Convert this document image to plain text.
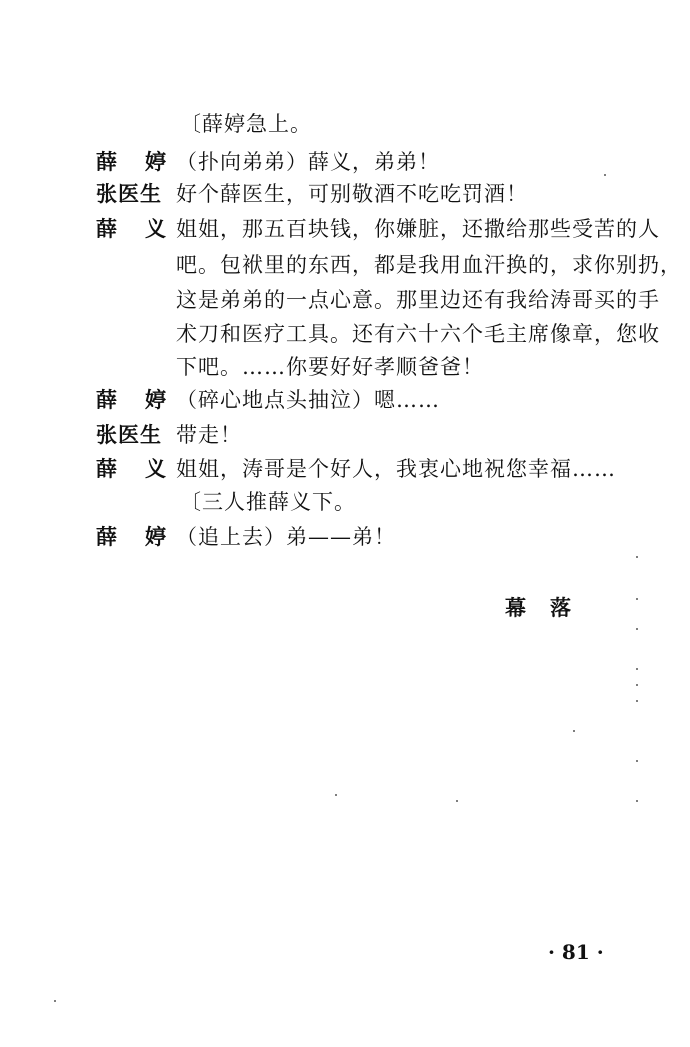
〔薛婷急上。
薛婷
（扑向弟弟）薛义，弟弟！
张医生 好个薛医生，可别敬酒不吃吃罚酒！
薛义
姐姐，那五百块钱，你嫌脏，还撒给那些受苦的人
吧。包袱里的东西，都是我用血汗换的，求你别扔，
这是弟弟的一点心意。那里边还有我给涛哥买的手
术刀和医疗工具。还有六十六个毛主席像章，您收
下吧。……你要好好孝顺爸爸！
薛婷
（碎心地点头抽泣）嗯……
张医生 带走！
薛义
姐姐，涛哥是个好人，我衷心地祝您幸福……
〔三人推薛义下。
薛婷
（追上去）弟——弟！
幕落
· 81 ·
